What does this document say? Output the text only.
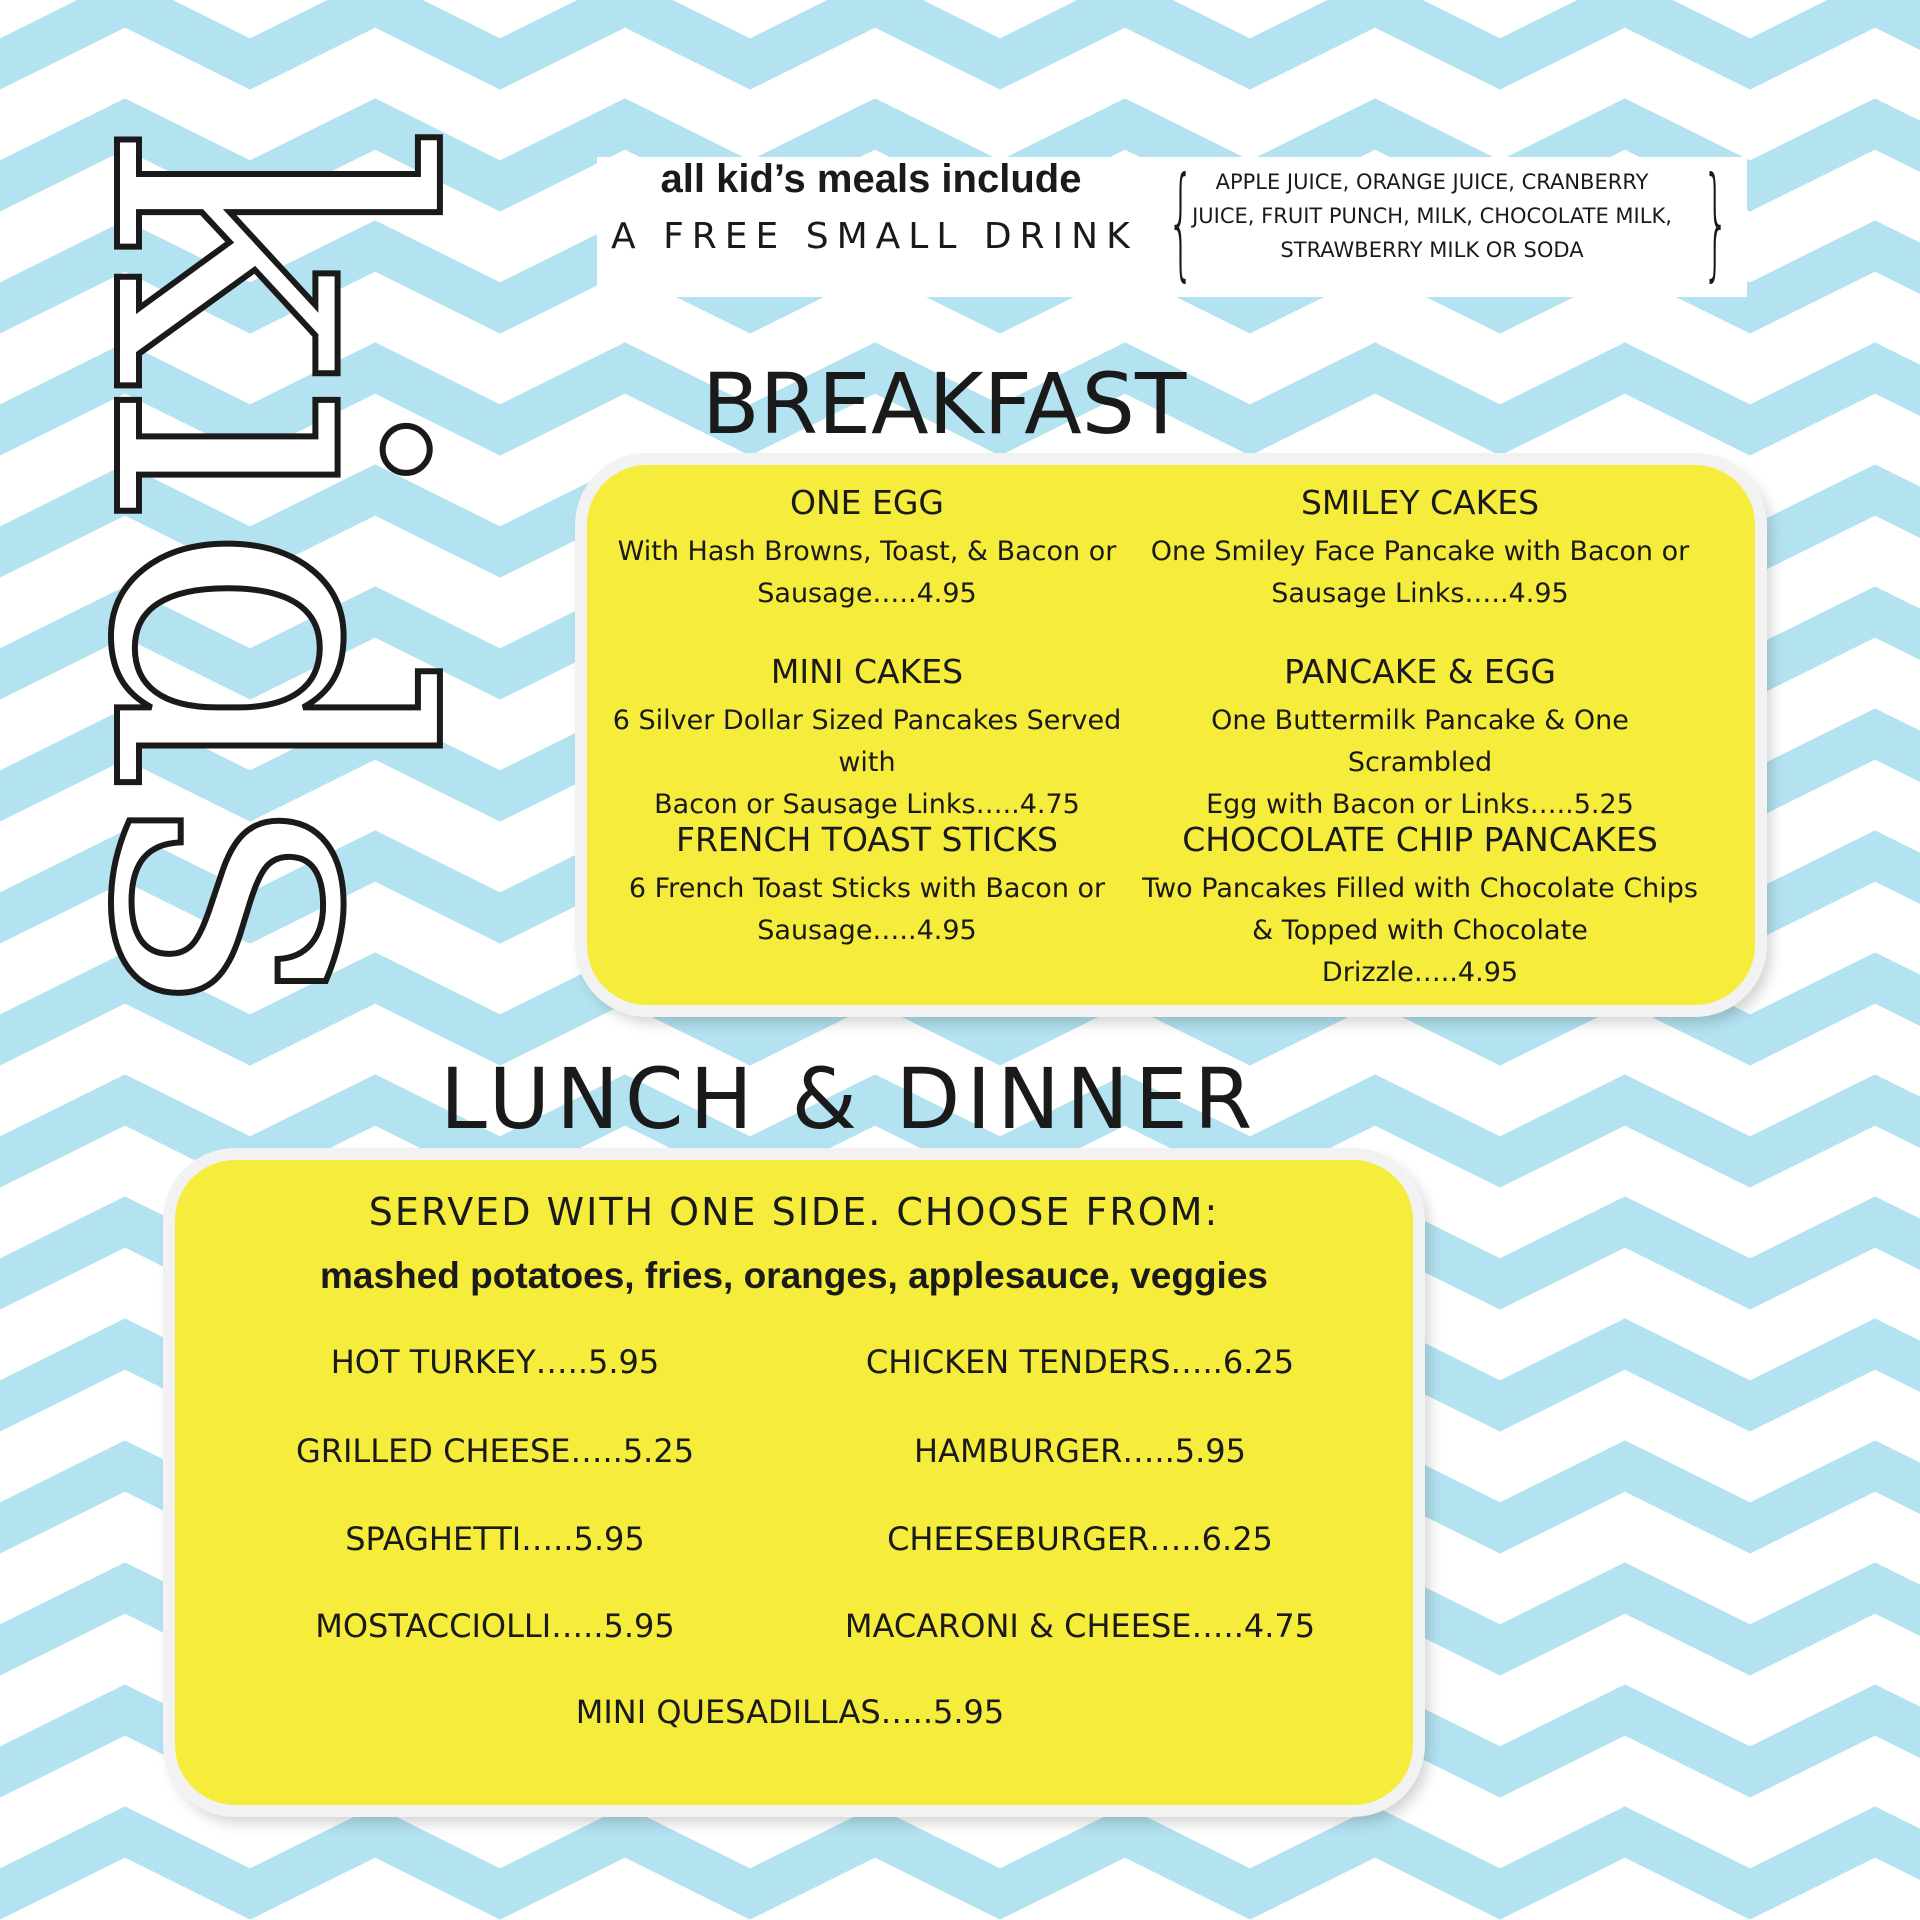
kids	all kid’s meals include
A FREE SMALL DRINK {	APPLE JUICE, ORANGE JUICE, CRANBERRY
JUICE, FRUIT PUNCH, MILK, CHOCOLATE MILK,
STRAWBERRY MILK OR SODA }
BREAKFAST
ONE EGG
With Hash Browns, Toast, & Bacon or
Sausage…..4.95
SMILEY CAKES
One Smiley Face Pancake with Bacon or
Sausage Links…..4.95
MINI CAKES
6 Silver Dollar Sized Pancakes Served with
Bacon or Sausage Links…..4.75
PANCAKE & EGG
One Buttermilk Pancake & One Scrambled
Egg with Bacon or Links…..5.25
FRENCH TOAST STICKS
6 French Toast Sticks with Bacon or
Sausage…..4.95
CHOCOLATE CHIP PANCAKES
Two Pancakes Filled with Chocolate Chips
& Topped with Chocolate
Drizzle…..4.95
LUNCH & DINNER
SERVED WITH ONE SIDE. CHOOSE FROM:
mashed potatoes, fries, oranges, applesauce, veggies
HOT TURKEY…..5.95	CHICKEN TENDERS…..6.25
GRILLED CHEESE…..5.25	HAMBURGER…..5.95
SPAGHETTI…..5.95	CHEESEBURGER…..6.25
MOSTACCIOLLI…..5.95	MACARONI & CHEESE…..4.75
MINI QUESADILLAS…..5.95
